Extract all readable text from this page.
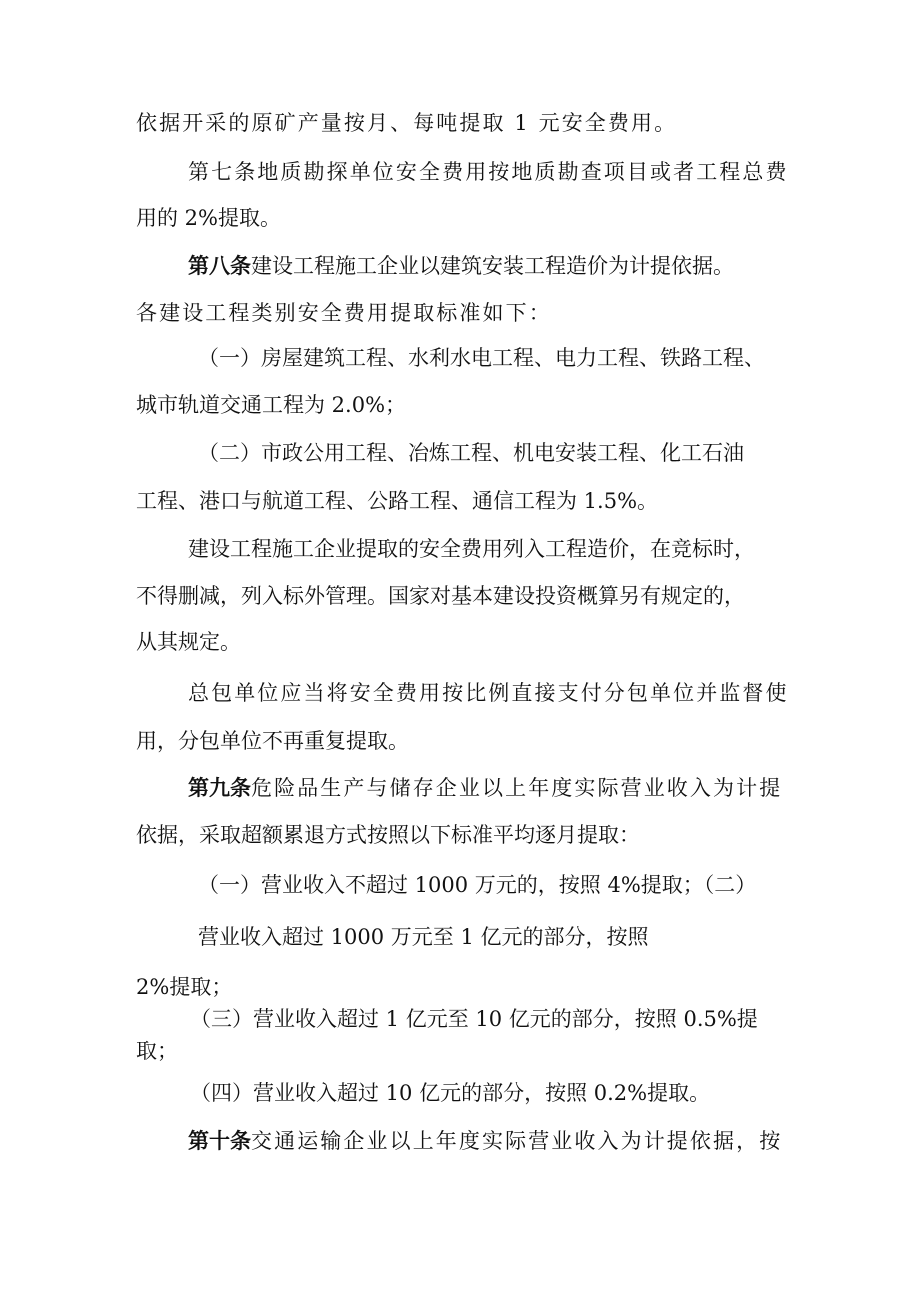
依据开采的原矿产量按月、每吨提取 1 元安全费用。
第七条地质勘探单位安全费用按地质勘查项目或者工程总费
用的 2%提取。
第八条建设工程施工企业以建筑安装工程造价为计提依据。
各建设工程类别安全费用提取标准如下：
（一）房屋建筑工程、水利水电工程、电力工程、铁路工程、
城市轨道交通工程为 2.0%；
（二）市政公用工程、冶炼工程、机电安装工程、化工石油
工程、港口与航道工程、公路工程、通信工程为 1.5%。
建设工程施工企业提取的安全费用列入工程造价，在竞标时，
不得删减，列入标外管理。国家对基本建设投资概算另有规定的，
从其规定。
总包单位应当将安全费用按比例直接支付分包单位并监督使
用，分包单位不再重复提取。
第九条危险品生产与储存企业以上年度实际营业收入为计提
依据，采取超额累退方式按照以下标准平均逐月提取：
（一）营业收入不超过 1000 万元的，按照 4%提取；（二）
营业收入超过 1000 万元至 1 亿元的部分，按照
2%提取；
（三）营业收入超过 1 亿元至 10 亿元的部分，按照 0.5%提
取；
（四）营业收入超过 10 亿元的部分，按照 0.2%提取。
第十条交通运输企业以上年度实际营业收入为计提依据，按
